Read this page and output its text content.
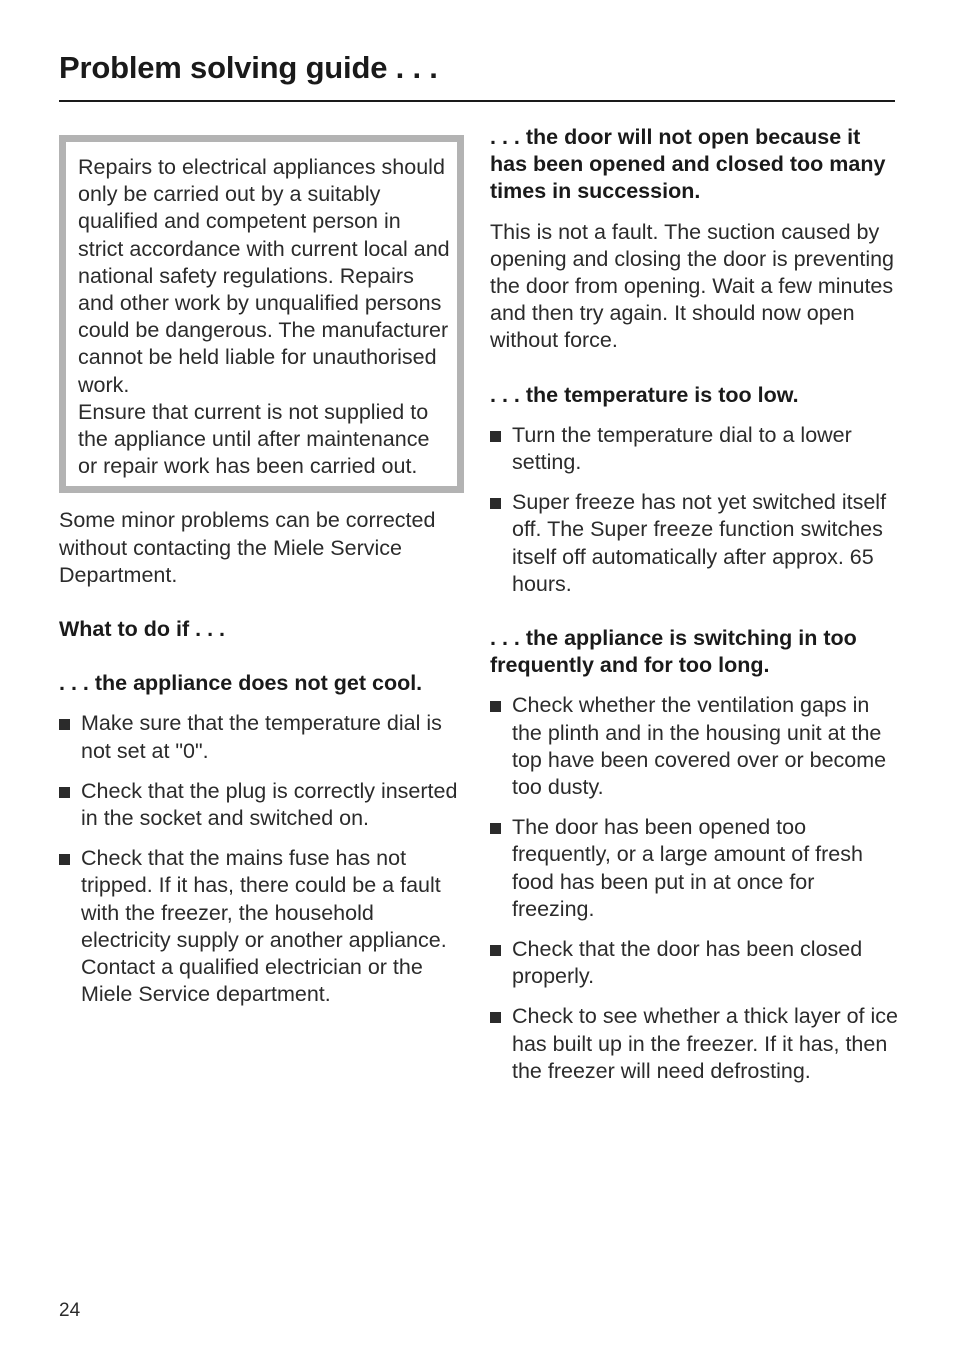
Problem solving guide . . .

Repairs to electrical appliances should only be carried out by a suitably qualified and competent person in strict accordance with current local and national safety regulations. Repairs and other work by unqualified persons could be dangerous. The manufacturer cannot be held liable for unauthorised work.

Ensure that current is not supplied to the appliance until after maintenance or repair work has been carried out.

Some minor problems can be corrected without contacting the Miele Service Department.

What to do if . . .

. . . the appliance does not get cool.

Make sure that the temperature dial is not set at "0".
Check that the plug is correctly inserted in the socket and switched on.
Check that the mains fuse has not tripped. If it has, there could be a fault with the freezer, the household electricity supply or another appliance.
Contact a qualified electrician or the Miele Service department.

. . . the door will not open because it has been opened and closed too many times in succession.

This is not a fault. The suction caused by opening and closing the door is preventing the door from opening. Wait a few minutes and then try again. It should now open without force.

. . . the temperature is too low.

Turn the temperature dial to a lower setting.
Super freeze has not yet switched itself off. The Super freeze function switches itself off automatically after approx. 65 hours.

. . . the appliance is switching in too frequently and for too long.

Check whether the ventilation gaps in the plinth and in the housing unit at the top have been covered over or become too dusty.
The door has been opened too frequently, or a large amount of fresh food has been put in at once for freezing.
Check that the door has been closed properly.
Check to see whether a thick layer of ice has built up in the freezer. If it has, then the freezer will need defrosting.
24
